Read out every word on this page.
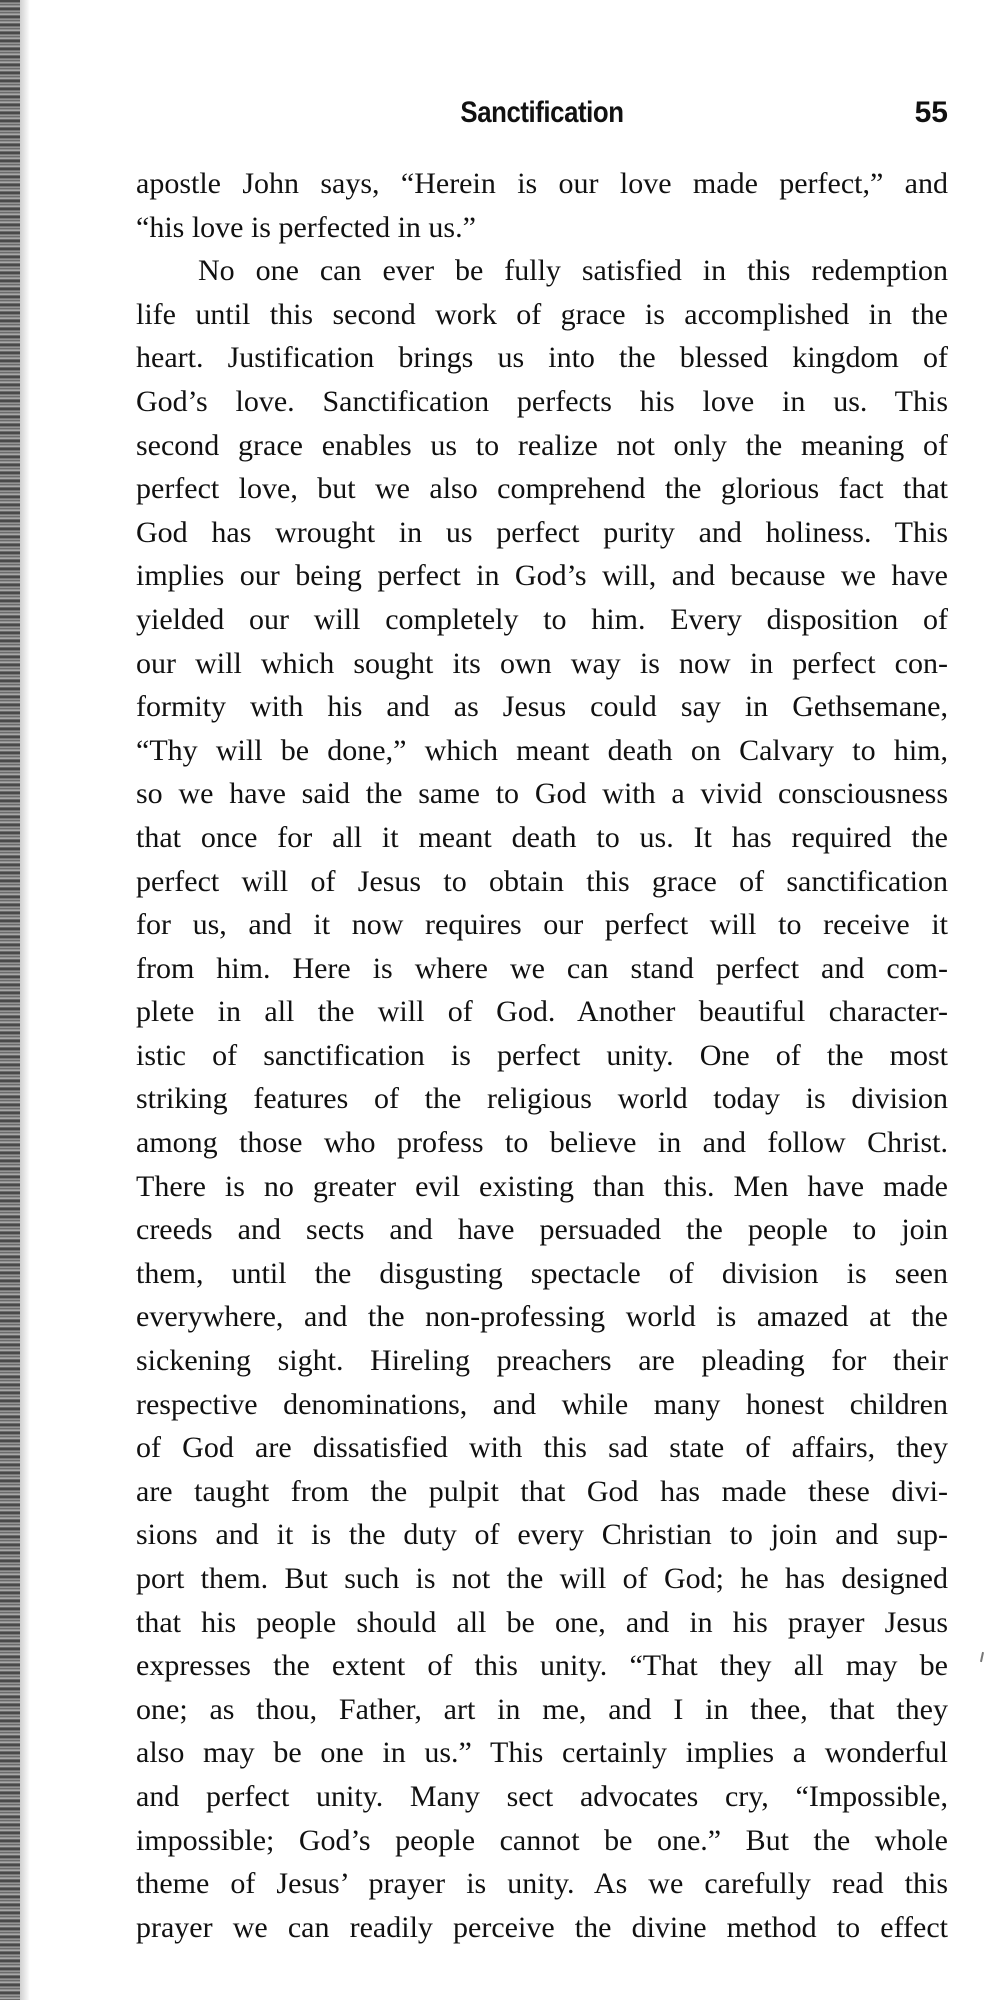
Sanctification	55
apostle John says, “Herein is our love made perfect,” and
“his love is perfected in us.”
No one can ever be fully satisfied in this redemption
life until this second work of grace is accomplished in the
heart. Justification brings us into the blessed kingdom of
God’s love. Sanctification perfects his love in us. This
second grace enables us to realize not only the meaning of
perfect love, but we also comprehend the glorious fact that
God has wrought in us perfect purity and holiness. This
implies our being perfect in God’s will, and because we have
yielded our will completely to him. Every disposition of
our will which sought its own way is now in perfect con-
formity with his and as Jesus could say in Gethsemane,
“Thy will be done,” which meant death on Calvary to him,
so we have said the same to God with a vivid consciousness
that once for all it meant death to us. It has required the
perfect will of Jesus to obtain this grace of sanctification
for us, and it now requires our perfect will to receive it
from him. Here is where we can stand perfect and com-
plete in all the will of God. Another beautiful character-
istic of sanctification is perfect unity. One of the most
striking features of the religious world today is division
among those who profess to believe in and follow Christ.
There is no greater evil existing than this. Men have made
creeds and sects and have persuaded the people to join
them, until the disgusting spectacle of division is seen
everywhere, and the non-professing world is amazed at the
sickening sight. Hireling preachers are pleading for their
respective denominations, and while many honest children
of God are dissatisfied with this sad state of affairs, they
are taught from the pulpit that God has made these divi-
sions and it is the duty of every Christian to join and sup-
port them. But such is not the will of God; he has designed
that his people should all be one, and in his prayer Jesus
expresses the extent of this unity. “That they all may be
one; as thou, Father, art in me, and I in thee, that they
also may be one in us.” This certainly implies a wonderful
and perfect unity. Many sect advocates cry, “Impossible,
impossible; God’s people cannot be one.” But the whole
theme of Jesus’ prayer is unity. As we carefully read this
prayer we can readily perceive the divine method to effect
